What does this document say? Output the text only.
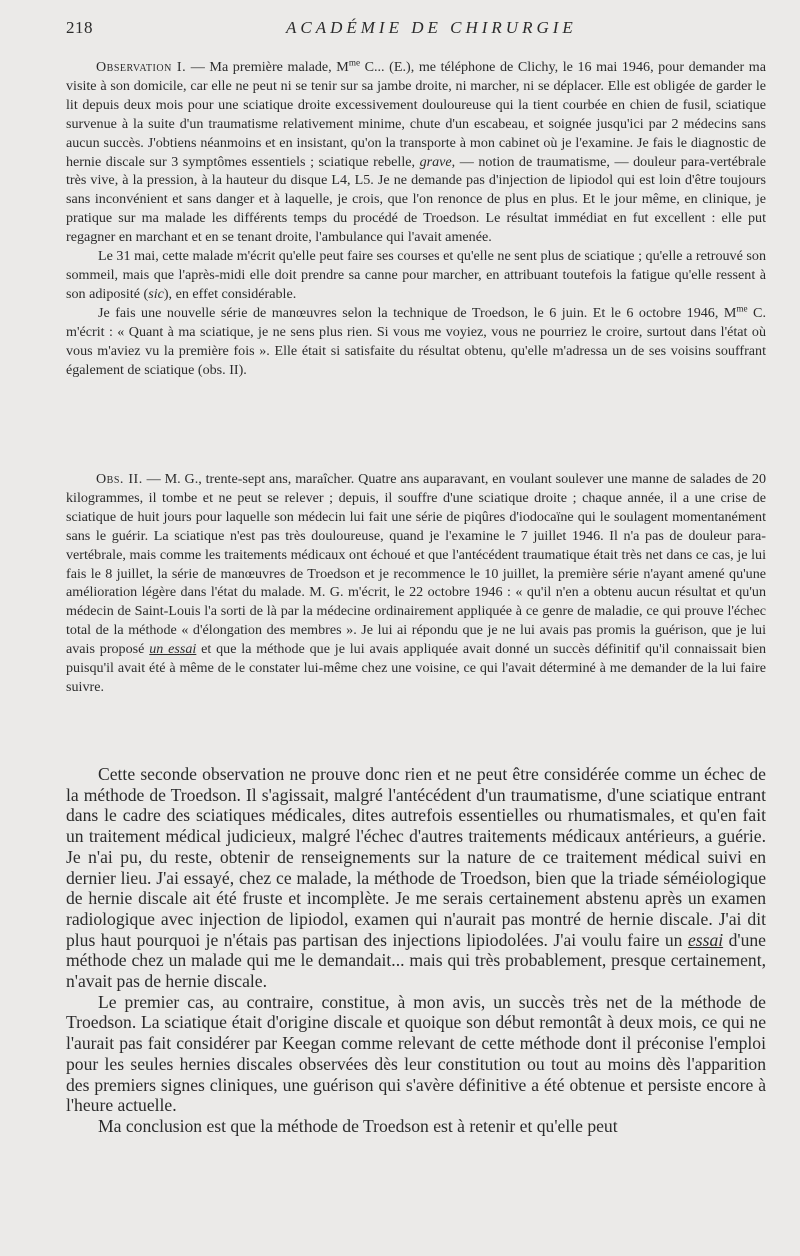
218	ACADÉMIE DE CHIRURGIE

Observation I. — Ma première malade, $M^{me}$ C... (E.), me téléphone de Clichy, le 16 mai 1946, pour demander ma visite à son domicile, car elle ne peut ni se tenir sur sa jambe droite, ni marcher, ni se déplacer. Elle est obligée de garder le lit depuis deux mois pour une sciatique droite excessivement douloureuse qui la tient courbée en chien de fusil, sciatique survenue à la suite d'un traumatisme relativement minime, chute d'un escabeau, et soignée jusqu'ici par 2 médecins sans aucun succès. J'obtiens néanmoins et en insistant, qu'on la transporte à mon cabinet où je l'examine. Je fais le diagnostic de hernie discale sur 3 symptômes essentiels ; sciatique rebelle, grave, — notion de traumatisme, — douleur para-vertébrale très vive, à la pression, à la hauteur du disque L4, L5. Je ne demande pas d'injection de lipiodol qui est loin d'être toujours sans inconvénient et sans danger et à laquelle, je crois, que l'on renonce de plus en plus. Et le jour même, en clinique, je pratique sur ma malade les différents temps du procédé de Troedson. Le résultat immédiat en fut excellent : elle put regagner en marchant et en se tenant droite, l'ambulance qui l'avait amenée.

Le 31 mai, cette malade m'écrit qu'elle peut faire ses courses et qu'elle ne sent plus de sciatique ; qu'elle a retrouvé son sommeil, mais que l'après-midi elle doit prendre sa canne pour marcher, en attribuant toutefois la fatigue qu'elle ressent à son adiposité (sic), en effet considérable.

Je fais une nouvelle série de manœuvres selon la technique de Troedson, le 6 juin. Et le 6 octobre 1946, $M^{me}$ C. m'écrit : « Quant à ma sciatique, je ne sens plus rien. Si vous me voyiez, vous ne pourriez le croire, surtout dans l'état où vous m'aviez vu la première fois ». Elle était si satisfaite du résultat obtenu, qu'elle m'adressa un de ses voisins souffrant également de sciatique (obs. II).

Obs. II. — M. G., trente-sept ans, maraîcher. Quatre ans auparavant, en voulant soulever une manne de salades de 20 kilogrammes, il tombe et ne peut se relever ; depuis, il souffre d'une sciatique droite ; chaque année, il a une crise de sciatique de huit jours pour laquelle son médecin lui fait une série de piqûres d'iodocaïne qui le soulagent momentanément sans le guérir. La sciatique n'est pas très douloureuse, quand je l'examine le 7 juillet 1946. Il n'a pas de douleur para-vertébrale, mais comme les traitements médicaux ont échoué et que l'antécédent traumatique était très net dans ce cas, je lui fais le 8 juillet, la série de manœuvres de Troedson et je recommence le 10 juillet, la première série n'ayant amené qu'une amélioration légère dans l'état du malade. M. G. m'écrit, le 22 octobre 1946 : « qu'il n'en a obtenu aucun résultat et qu'un médecin de Saint-Louis l'a sorti de là par la médecine ordinairement appliquée à ce genre de maladie, ce qui prouve l'échec total de la méthode « d'élongation des membres ». Je lui ai répondu que je ne lui avais pas promis la guérison, que je lui avais proposé un essai et que la méthode que je lui avais appliquée avait donné un succès définitif qu'il connaissait bien puisqu'il avait été à même de le constater lui-même chez une voisine, ce qui l'avait déterminé à me demander de la lui faire suivre.

Cette seconde observation ne prouve donc rien et ne peut être considérée comme un échec de la méthode de Troedson. Il s'agissait, malgré l'antécédent d'un traumatisme, d'une sciatique entrant dans le cadre des sciatiques médicales, dites autrefois essentielles ou rhumatismales, et qu'en fait un traitement médical judicieux, malgré l'échec d'autres traitements médicaux antérieurs, a guérie. Je n'ai pu, du reste, obtenir de renseignements sur la nature de ce traitement médical suivi en dernier lieu. J'ai essayé, chez ce malade, la méthode de Troedson, bien que la triade séméiologique de hernie discale ait été fruste et incomplète. Je me serais certainement abstenu après un examen radiologique avec injection de lipiodol, examen qui n'aurait pas montré de hernie discale. J'ai dit plus haut pourquoi je n'étais pas partisan des injections lipiodolées. J'ai voulu faire un essai d'une méthode chez un malade qui me le demandait... mais qui très probablement, presque certainement, n'avait pas de hernie discale.

Le premier cas, au contraire, constitue, à mon avis, un succès très net de la méthode de Troedson. La sciatique était d'origine discale et quoique son début remontât à deux mois, ce qui ne l'aurait pas fait considérer par Keegan comme relevant de cette méthode dont il préconise l'emploi pour les seules hernies discales observées dès leur constitution ou tout au moins dès l'apparition des premiers signes cliniques, une guérison qui s'avère définitive a été obtenue et persiste encore à l'heure actuelle.

Ma conclusion est que la méthode de Troedson est à retenir et qu'elle peut
